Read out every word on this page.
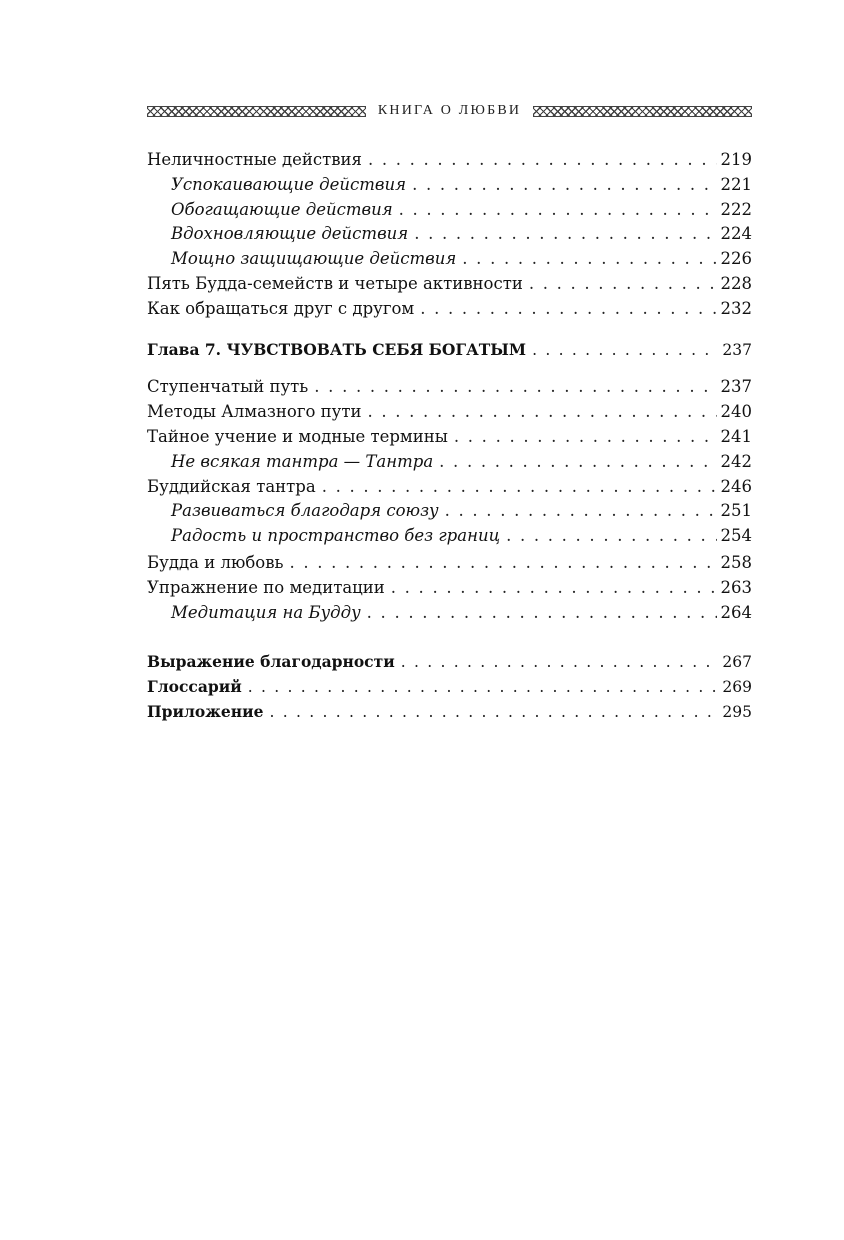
КНИГА О ЛЮБВИ
Неличностные действия . . .	219
Успокаивающие действия . . .	221
Обогащающие действия . . .	222
Вдохновляющие действия . . .	224
Мощно защищающие действия . . .	226
Пять Будда-семейств и четыре активности . . .	228
Как обращаться друг с другом . . .	232
Глава 7. ЧУВСТВОВАТЬ СЕБЯ БОГАТЫМ . . .	237
Ступенчатый путь . . .	237
Методы Алмазного пути . . .	240
Тайное учение и модные термины . . .	241
Не всякая тантра — Тантра . . .	242
Буддийская тантра . . .	246
Развиваться благодаря союзу . . .	251
Радость и пространство без границ . . .	254
Будда и любовь . . .	258
Упражнение по медитации . . .	263
Медитация на Будду . . .	264
Выражение благодарности . . .	267
Глоссарий . . .	269
Приложение . . .	295
